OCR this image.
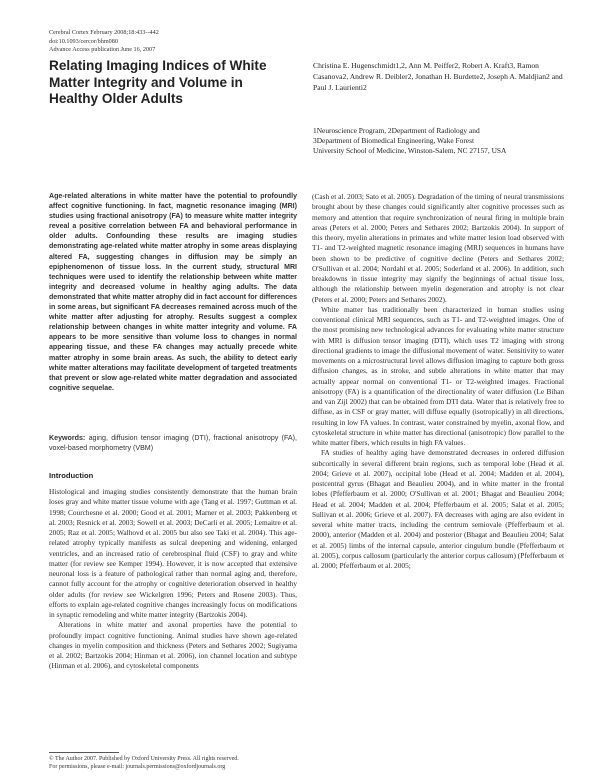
Cerebral Cortex February 2008;18:433--442
doi:10.1093/cercor/bhm080
Advance Access publication June 16, 2007
Relating Imaging Indices of White Matter Integrity and Volume in Healthy Older Adults
Christina E. Hugenschmidt1,2, Ann M. Peiffer2, Robert A. Kraft3, Ramon Casanova2, Andrew R. Deibler2, Jonathan H. Burdette2, Joseph A. Maldjian2 and Paul J. Laurienti2
1Neuroscience Program, 2Department of Radiology and
3Department of Biomedical Engineering, Wake Forest
University School of Medicine, Winston-Salem, NC 27157, USA

Age-related alterations in white matter have the potential to profoundly affect cognitive functioning. In fact, magnetic resonance imaging (MRI) studies using fractional anisotropy (FA) to measure white matter integrity reveal a positive correlation between FA and behavioral performance in older adults. Confounding these results are imaging studies demonstrating age-related white matter atrophy in some areas displaying altered FA, suggesting changes in diffusion may be simply an epiphenomenon of tissue loss. In the current study, structural MRI techniques were used to identify the relationship between white matter integrity and decreased volume in healthy aging adults. The data demonstrated that white matter atrophy did in fact account for differences in some areas, but significant FA decreases remained across much of the white matter after adjusting for atrophy. Results suggest a complex relationship between changes in white matter integrity and volume. FA appears to be more sensitive than volume loss to changes in normal appearing tissue, and these FA changes may actually precede white matter atrophy in some brain areas. As such, the ability to detect early white matter alterations may facilitate development of targeted treatments that prevent or slow age-related white matter degradation and associated cognitive sequelae.

Keywords: aging, diffusion tensor imaging (DTI), fractional anisotropy (FA), voxel-based morphometry (VBM)
Introduction

Histological and imaging studies consistently demonstrate that the human brain loses gray and white matter tissue volume with age (Tang et al. 1997; Guttman et al. 1998; Courchesne et al. 2000; Good et al. 2001; Marner et al. 2003; Pakkenberg et al. 2003; Resnick et al. 2003; Sowell et al. 2003; DeCarli et al. 2005; Lemaitre et al. 2005; Raz et al. 2005; Walhovd et al. 2005 but also see Taki et al. 2004). This age-related atrophy typically manifests as sulcal deepening and widening, enlarged ventricles, and an increased ratio of cerebrospinal fluid (CSF) to gray and white matter (for review see Kemper 1994). However, it is now accepted that extensive neuronal loss is a feature of pathological rather than normal aging and, therefore, cannot fully account for the atrophy or cognitive deterioration observed in healthy older adults (for review see Wickelgren 1996; Peters and Rosene 2003). Thus, efforts to explain age-related cognitive changes increasingly focus on modifications in synaptic remodeling and white matter integrity (Bartzokis 2004).

Alterations in white matter and axonal properties have the potential to profoundly impact cognitive functioning. Animal studies have shown age-related changes in myelin composition and thickness (Peters and Sethares 2002; Sugiyama et al. 2002; Bartzokis 2004; Hinman et al. 2006), ion channel location and subtype (Hinman et al. 2006), and cytoskeletal components

(Cash et al. 2003; Sato et al. 2005). Degradation of the timing of neural transmissions brought about by these changes could significantly alter cognitive processes such as memory and attention that require synchronization of neural firing in multiple brain areas (Peters et al. 2000; Peters and Sethares 2002; Bartzokis 2004). In support of this theory, myelin alterations in primates and white matter lesion load observed with T1- and T2-weighted magnetic resonance imaging (MRI) sequences in humans have been shown to be predictive of cognitive decline (Peters and Sethares 2002; O'Sullivan et al. 2004; Nordahl et al. 2005; Soderland et al. 2006). In addition, such breakdowns in tissue integrity may signify the beginnings of actual tissue loss, although the relationship between myelin degeneration and atrophy is not clear (Peters et al. 2000; Peters and Sethares 2002).

White matter has traditionally been characterized in human studies using conventional clinical MRI sequences, such as T1- and T2-weighted images. One of the most promising new technological advances for evaluating white matter structure with MRI is diffusion tensor imaging (DTI), which uses T2 imaging with strong directional gradients to image the diffusional movement of water. Sensitivity to water movements on a microstructural level allows diffusion imaging to capture both gross diffusion changes, as in stroke, and subtle alterations in white matter that may actually appear normal on conventional T1- or T2-weighted images. Fractional anisotropy (FA) is a quantification of the directionality of water diffusion (Le Bihan and van Zijl 2002) that can be obtained from DTI data. Water that is relatively free to diffuse, as in CSF or gray matter, will diffuse equally (isotropically) in all directions, resulting in low FA values. In contrast, water constrained by myelin, axonal flow, and cytoskeletal structure in white matter has directional (anisotropic) flow parallel to the white matter fibers, which results in high FA values.

FA studies of healthy aging have demonstrated decreases in ordered diffusion subcortically in several different brain regions, such as temporal lobe (Head et al. 2004; Grieve et al. 2007), occipital lobe (Head et al. 2004; Madden et al. 2004), postcentral gyrus (Bhagat and Beaulieu 2004), and in white matter in the frontal lobes (Pfefferbaum et al. 2000; O'Sullivan et al. 2001; Bhagat and Beaulieu 2004; Head et al. 2004; Madden et al. 2004; Pfefferbaum et al. 2005; Salat et al. 2005; Sullivan et al. 2006; Grieve et al. 2007). FA decreases with aging are also evident in several white matter tracts, including the centrum semiovale (Pfefferbaum et al. 2000), anterior (Madden et al. 2004) and posterior (Bhagat and Beaulieu 2004; Salat et al. 2005) limbs of the internal capsule, anterior cingulum bundle (Pfefferbaum et al. 2005), corpus callosum (particularly the anterior corpus callosum) (Pfefferbaum et al. 2000; Pfefferbaum et al. 2005;

© The Author 2007. Published by Oxford University Press. All rights reserved.
For permissions, please e-mail: journals.permissions@oxfordjournals.org
